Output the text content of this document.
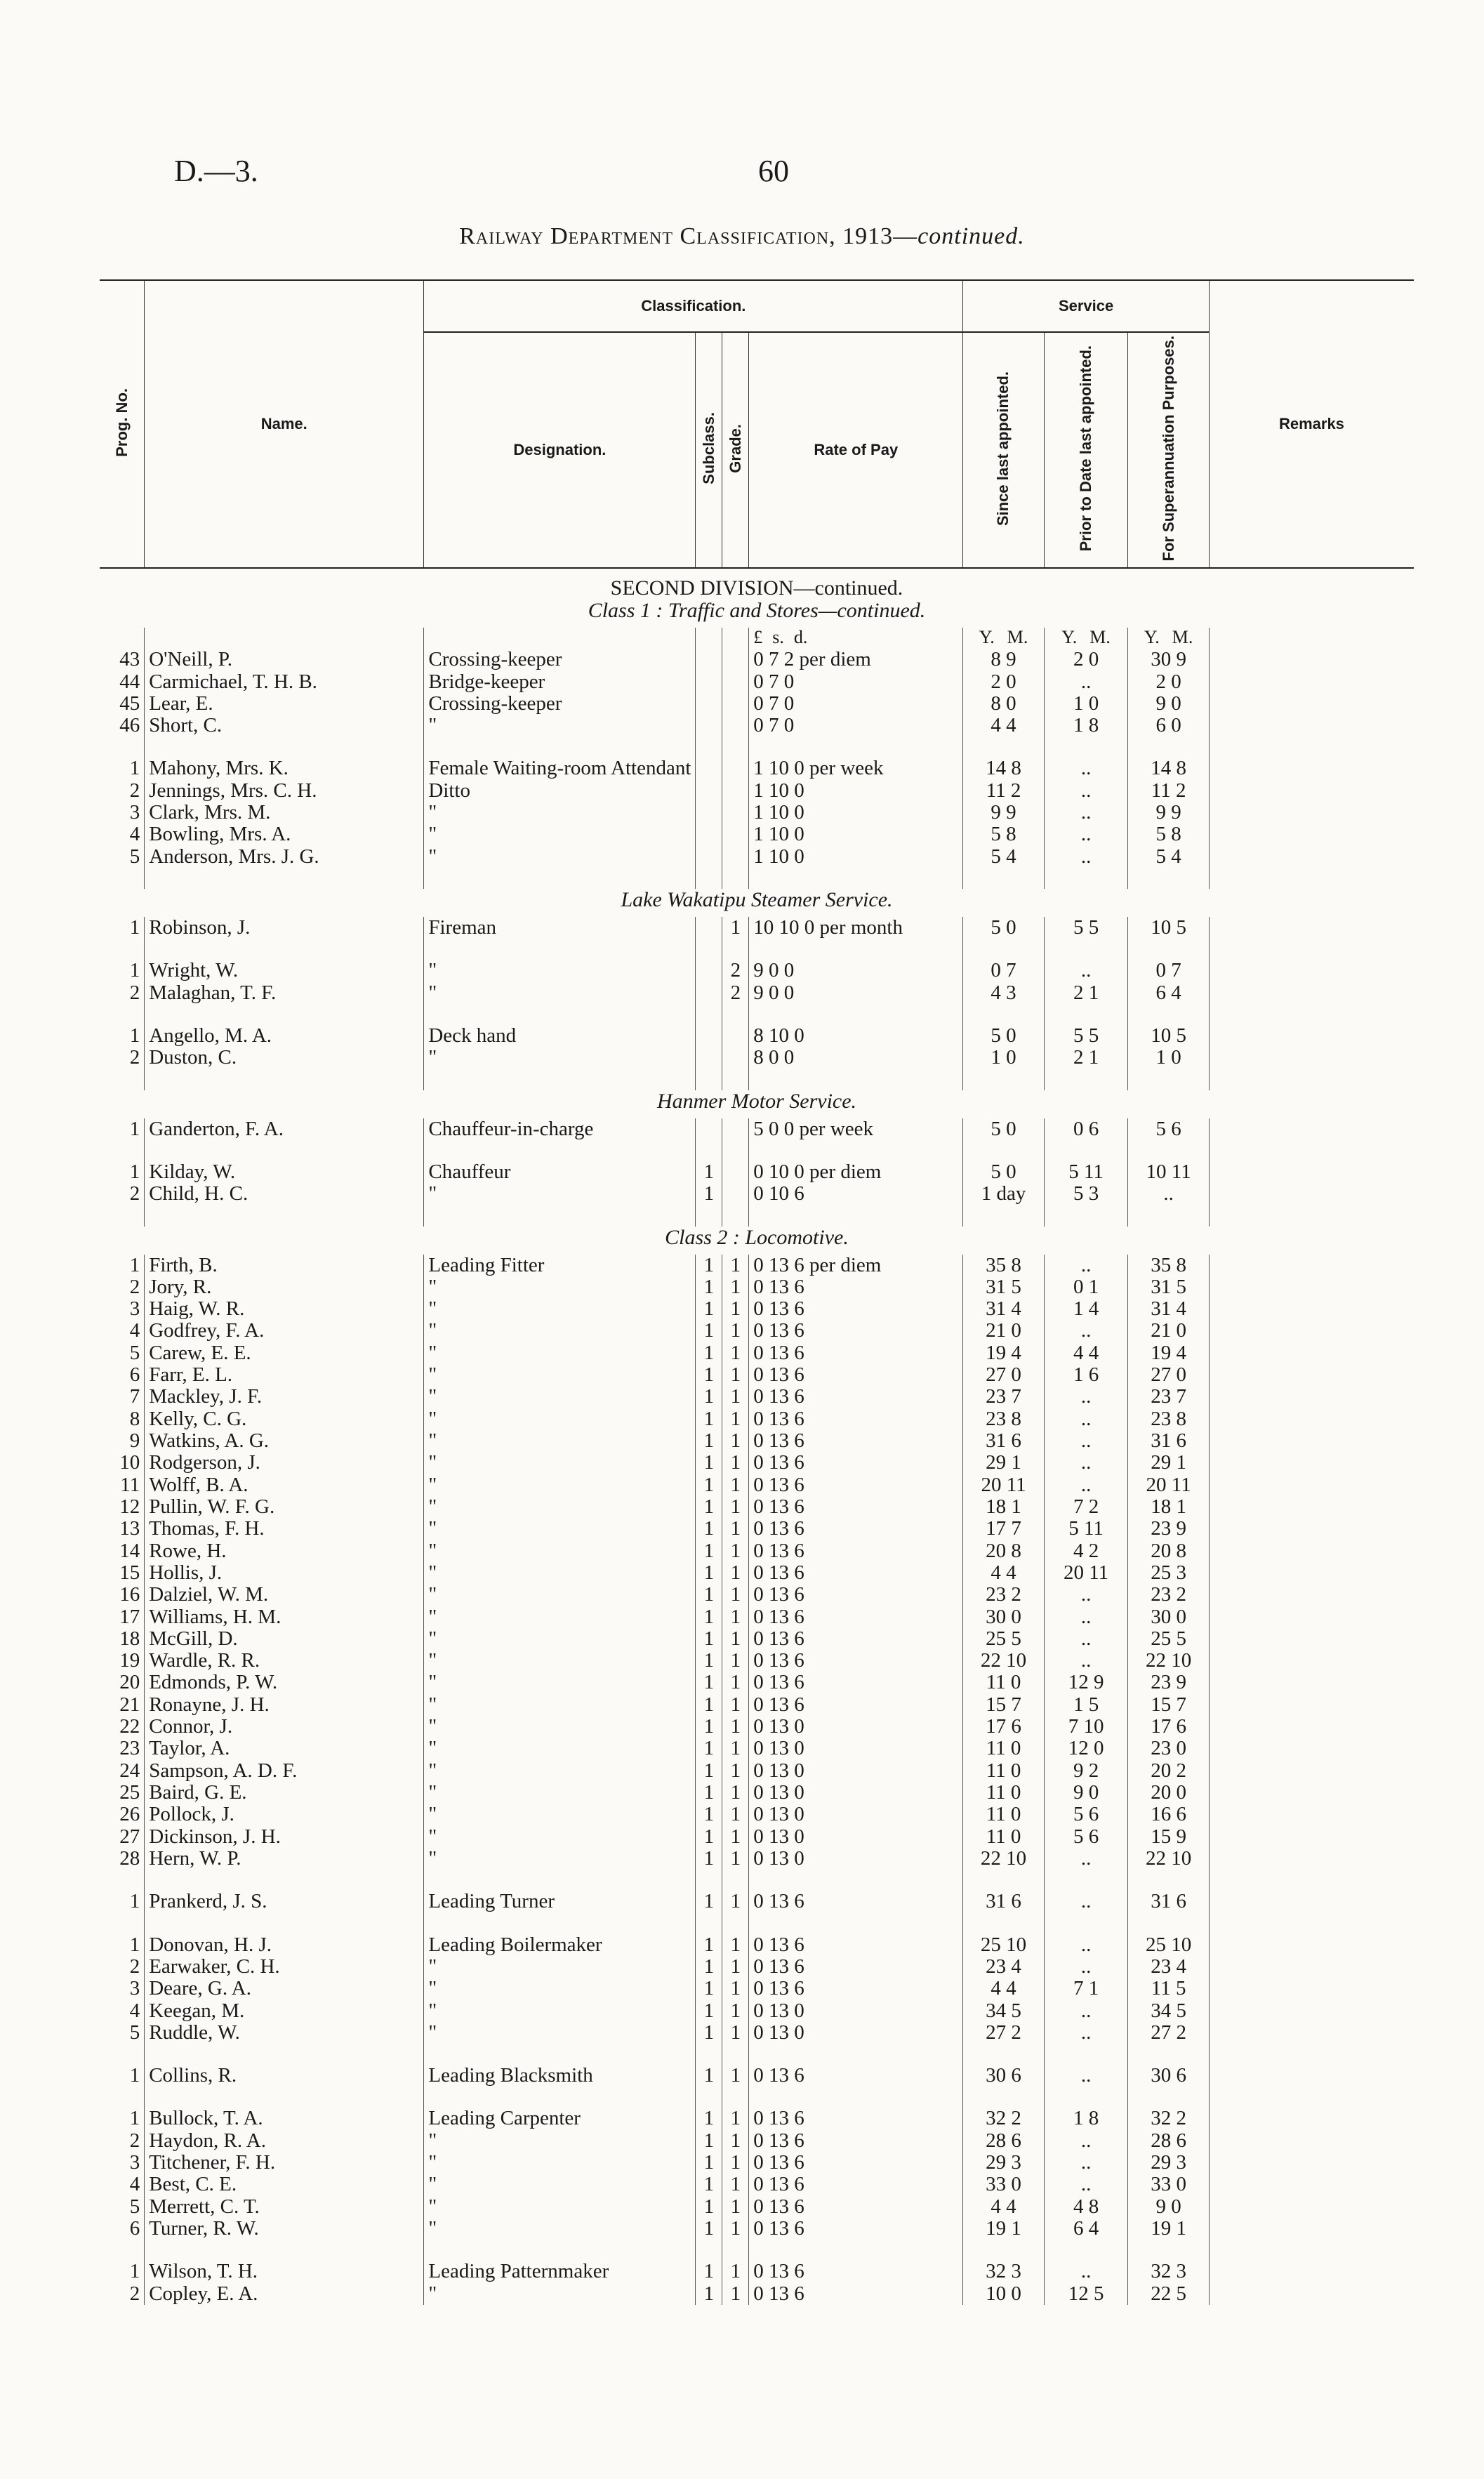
D.—3.	60
Railway Department Classification, 1913—continued.
Prog. No.	Name.	Classification.				Service			Remarks
		Designation.	Subclass.	Grade.	Rate of Pay	Since last appointed.	Prior to Date last appointed.	For Superannuation Purposes.	
SECOND DIVISION—continued.									
Class 1 : Traffic and Stores—continued.									
					£ s. d.	Y. M.	Y. M.	Y. M.	
43	O'Neill, P.	Crossing-keeper			0 7 2 per diem	8 9	2 0	30 9	
44	Carmichael, T. H. B.	Bridge-keeper			0 7 0	2 0	..	2 0	
45	Lear, E.	Crossing-keeper			0 7 0	8 0	1 0	9 0	
46	Short, C.	"			0 7 0	4 4	1 8	6 0	

1	Mahony, Mrs. K.	Female Waiting-room Attendant			1 10 0 per week	14 8	..	14 8	
2	Jennings, Mrs. C. H.	Ditto			1 10 0	11 2	..	11 2	
3	Clark, Mrs. M.	"			1 10 0	9 9	..	9 9	
4	Bowling, Mrs. A.	"			1 10 0	5 8	..	5 8	
5	Anderson, Mrs. J. G.	"			1 10 0	5 4	..	5 4	

Lake Wakatipu Steamer Service.									
1	Robinson, J.	Fireman		1	10 10 0 per month	5 0	5 5	10 5	

1	Wright, W.	"		2	9 0 0	0 7	..	0 7	
2	Malaghan, T. F.	"		2	9 0 0	4 3	2 1	6 4	

1	Angello, M. A.	Deck hand			8 10 0	5 0	5 5	10 5	
2	Duston, C.	"			8 0 0	1 0	2 1	1 0	

Hanmer Motor Service.									
1	Ganderton, F. A.	Chauffeur-in-charge			5 0 0 per week	5 0	0 6	5 6	

1	Kilday, W.	Chauffeur	1		0 10 0 per diem	5 0	5 11	10 11	
2	Child, H. C.	"	1		0 10 6	1 day	5 3	..	

Class 2 : Locomotive.									
1	Firth, B.	Leading Fitter	1	1	0 13 6 per diem	35 8	..	35 8	
2	Jory, R.	"	1	1	0 13 6	31 5	0 1	31 5	
3	Haig, W. R.	"	1	1	0 13 6	31 4	1 4	31 4	
4	Godfrey, F. A.	"	1	1	0 13 6	21 0	..	21 0	
5	Carew, E. E.	"	1	1	0 13 6	19 4	4 4	19 4	
6	Farr, E. L.	"	1	1	0 13 6	27 0	1 6	27 0	
7	Mackley, J. F.	"	1	1	0 13 6	23 7	..	23 7	
8	Kelly, C. G.	"	1	1	0 13 6	23 8	..	23 8	
9	Watkins, A. G.	"	1	1	0 13 6	31 6	..	31 6	
10	Rodgerson, J.	"	1	1	0 13 6	29 1	..	29 1	
11	Wolff, B. A.	"	1	1	0 13 6	20 11	..	20 11	
12	Pullin, W. F. G.	"	1	1	0 13 6	18 1	7 2	18 1	
13	Thomas, F. H.	"	1	1	0 13 6	17 7	5 11	23 9	
14	Rowe, H.	"	1	1	0 13 6	20 8	4 2	20 8	
15	Hollis, J.	"	1	1	0 13 6	4 4	20 11	25 3	
16	Dalziel, W. M.	"	1	1	0 13 6	23 2	..	23 2	
17	Williams, H. M.	"	1	1	0 13 6	30 0	..	30 0	
18	McGill, D.	"	1	1	0 13 6	25 5	..	25 5	
19	Wardle, R. R.	"	1	1	0 13 6	22 10	..	22 10	
20	Edmonds, P. W.	"	1	1	0 13 6	11 0	12 9	23 9	
21	Ronayne, J. H.	"	1	1	0 13 6	15 7	1 5	15 7	
22	Connor, J.	"	1	1	0 13 0	17 6	7 10	17 6	
23	Taylor, A.	"	1	1	0 13 0	11 0	12 0	23 0	
24	Sampson, A. D. F.	"	1	1	0 13 0	11 0	9 2	20 2	
25	Baird, G. E.	"	1	1	0 13 0	11 0	9 0	20 0	
26	Pollock, J.	"	1	1	0 13 0	11 0	5 6	16 6	
27	Dickinson, J. H.	"	1	1	0 13 0	11 0	5 6	15 9	
28	Hern, W. P.	"	1	1	0 13 0	22 10	..	22 10	

1	Prankerd, J. S.	Leading Turner	1	1	0 13 6	31 6	..	31 6	

1	Donovan, H. J.	Leading Boilermaker	1	1	0 13 6	25 10	..	25 10	
2	Earwaker, C. H.	"	1	1	0 13 6	23 4	..	23 4	
3	Deare, G. A.	"	1	1	0 13 6	4 4	7 1	11 5	
4	Keegan, M.	"	1	1	0 13 0	34 5	..	34 5	
5	Ruddle, W.	"	1	1	0 13 0	27 2	..	27 2	

1	Collins, R.	Leading Blacksmith	1	1	0 13 6	30 6	..	30 6	

1	Bullock, T. A.	Leading Carpenter	1	1	0 13 6	32 2	1 8	32 2	
2	Haydon, R. A.	"	1	1	0 13 6	28 6	..	28 6	
3	Titchener, F. H.	"	1	1	0 13 6	29 3	..	29 3	
4	Best, C. E.	"	1	1	0 13 6	33 0	..	33 0	
5	Merrett, C. T.	"	1	1	0 13 6	4 4	4 8	9 0	
6	Turner, R. W.	"	1	1	0 13 6	19 1	6 4	19 1	

1	Wilson, T. H.	Leading Patternmaker	1	1	0 13 6	32 3	..	32 3	
2	Copley, E. A.	"	1	1	0 13 6	10 0	12 5	22 5	
